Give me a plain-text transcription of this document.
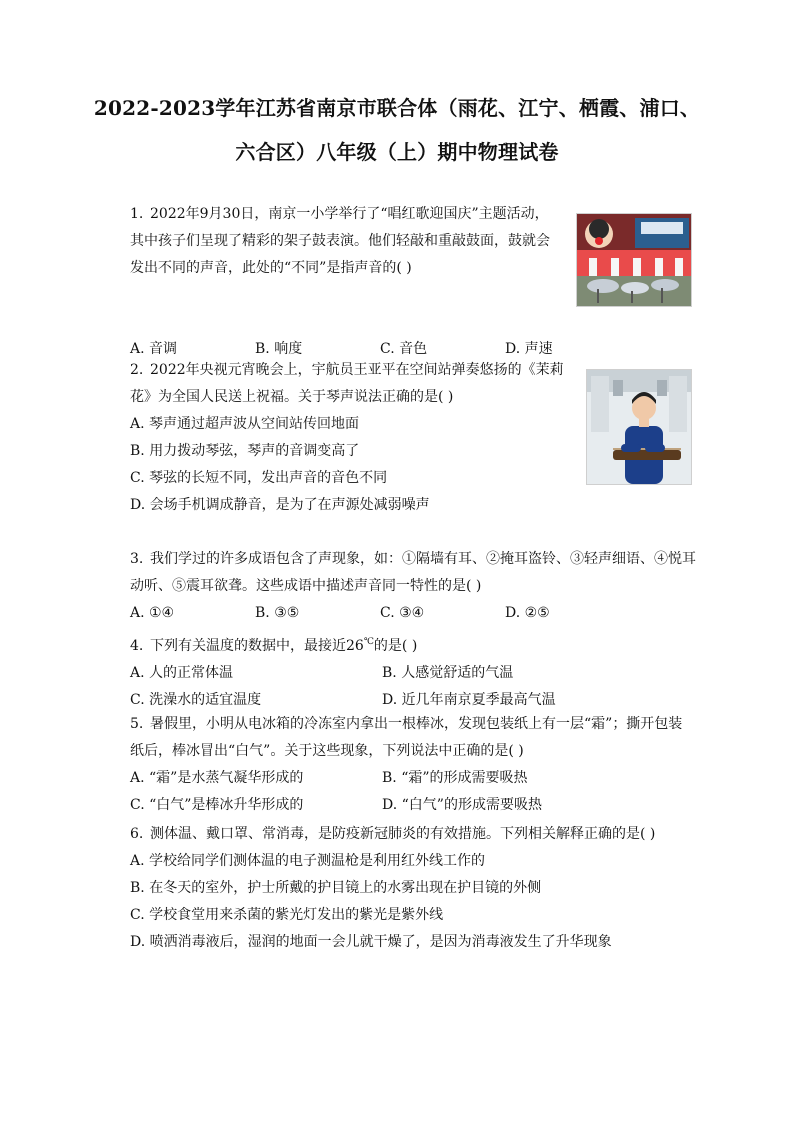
2022-2023学年江苏省南京市联合体（雨花、江宁、栖霞、浦口、
六合区）八年级（上）期中物理试卷
1. 2022年9月30日，南京一小学举行了“唱红歌迎国庆”主题活动，
其中孩子们呈现了精彩的架子鼓表演。他们轻敲和重敲鼓面，鼓就会
发出不同的声音，此处的“不同”是指声音的( )
A. 音调	B. 响度	C. 音色	D. 声速
2. 2022年央视元宵晚会上，宇航员王亚平在空间站弹奏悠扬的《茉莉
花》为全国人民送上祝福。关于琴声说法正确的是( )
A. 琴声通过超声波从空间站传回地面
B. 用力拨动琴弦，琴声的音调变高了
C. 琴弦的长短不同，发出声音的音色不同
D. 会场手机调成静音，是为了在声源处减弱噪声
3. 我们学过的许多成语包含了声现象，如：①隔墙有耳、②掩耳盗铃、③轻声细语、④悦耳
动听、⑤震耳欲聋。这些成语中描述声音同一特性的是( )
A. ①④	B. ③⑤	C. ③④	D. ②⑤
4. 下列有关温度的数据中，最接近26℃的是( )
A. 人的正常体温	B. 人感觉舒适的气温
C. 洗澡水的适宜温度	D. 近几年南京夏季最高气温
5. 暑假里，小明从电冰箱的冷冻室内拿出一根棒冰，发现包装纸上有一层“霜”；撕开包装
纸后，棒冰冒出“白气”。关于这些现象，下列说法中正确的是( )
A. “霜”是水蒸气凝华形成的	B. “霜”的形成需要吸热
C. “白气”是棒冰升华形成的	D. “白气”的形成需要吸热
6. 测体温、戴口罩、常消毒，是防疫新冠肺炎的有效措施。下列相关解释正确的是( )
A. 学校给同学们测体温的电子测温枪是利用红外线工作的
B. 在冬天的室外，护士所戴的护目镜上的水雾出现在护目镜的外侧
C. 学校食堂用来杀菌的紫光灯发出的紫光是紫外线
D. 喷洒消毒液后，湿润的地面一会儿就干燥了，是因为消毒液发生了升华现象
